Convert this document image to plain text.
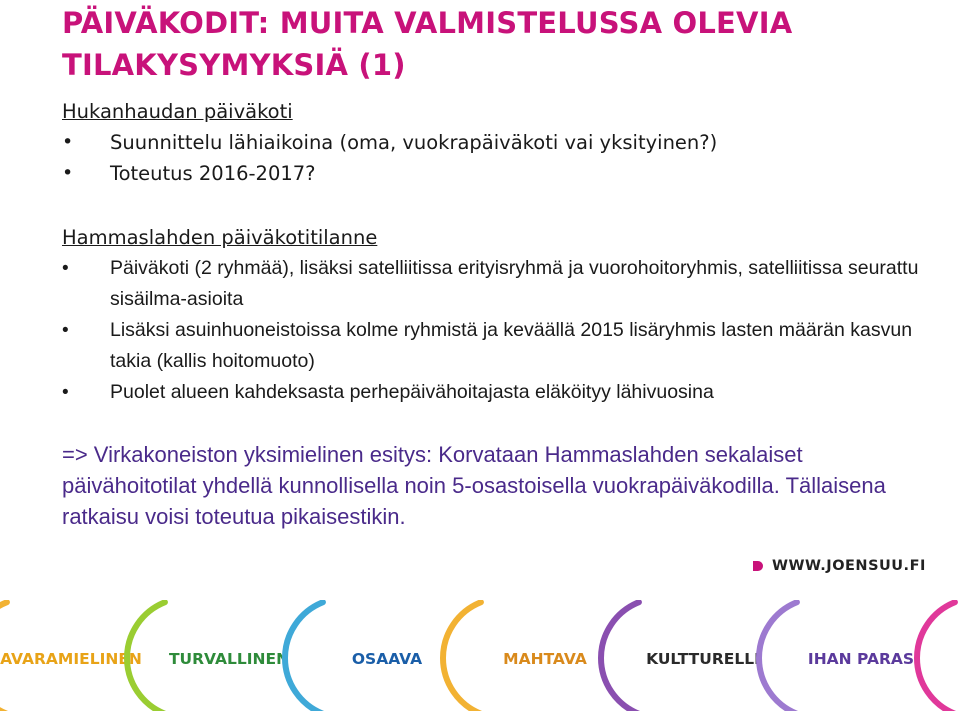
PÄIVÄKODIT: MUITA VALMISTELUSSA OLEVIA TILAKYSYMYKSIÄ (1)
Hukanhaudan päiväkoti
• Suunnittelu lähiaikoina (oma, vuokrapäiväkoti vai yksityinen?)
• Toteutus 2016-2017?
Hammaslahden päiväkotitilanne
• Päiväkoti (2 ryhmää), lisäksi satelliitissa erityisryhmä ja vuorohoitoryhmis, satelliitissa seurattu sisäilma-asioita
• Lisäksi asuinhuoneistoissa kolme ryhmistä ja keväällä 2015 lisäryhmis lasten määrän kasvun takia (kallis hoitomuoto)
• Puolet alueen kahdeksasta perhepäivähoitajasta eläköityy lähivuosina
=> Virkakoneiston yksimielinen esitys: Korvataan Hammaslahden sekalaiset päivähoitotilat yhdellä kunnollisella noin 5-osastoisella vuokrapäiväkodilla. Tällaisena ratkaisu voisi toteutua pikaisestikin.
WWW.JOENSUU.FI
AVARAMIELINEN TURVALLINEN	OSAAVA	MAHTAVA	KULTTURELLI	IHAN PARAS
